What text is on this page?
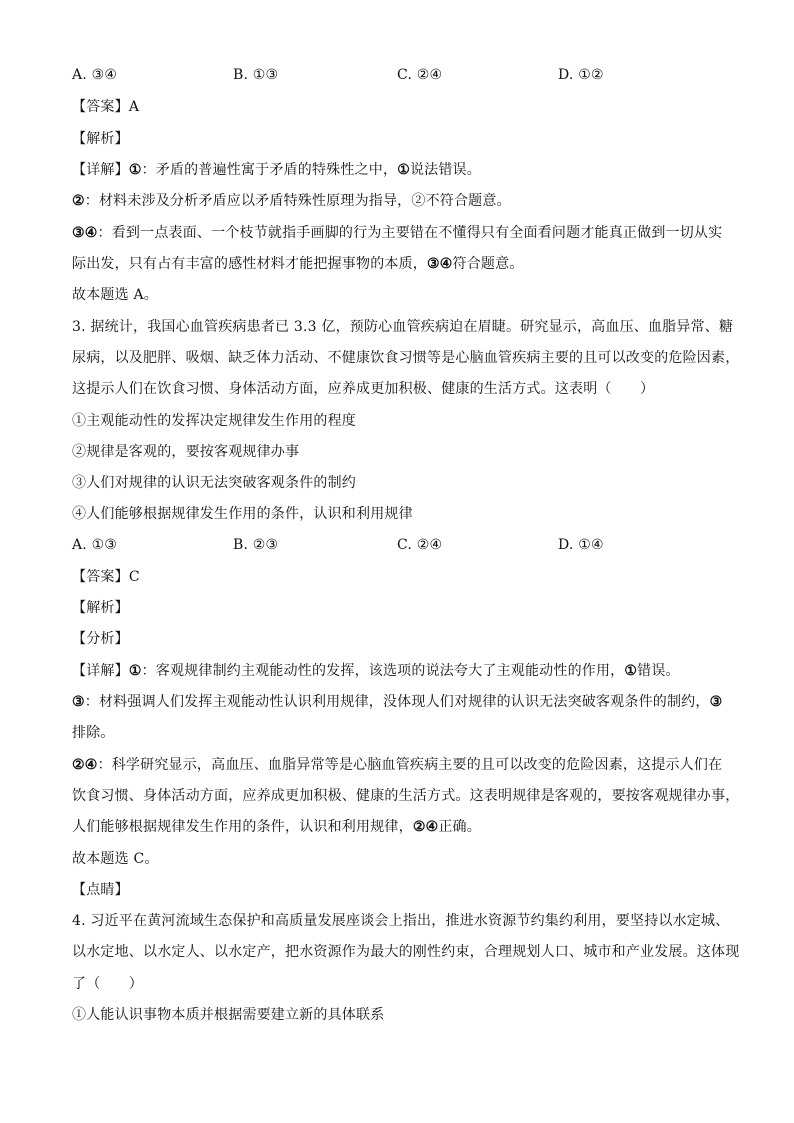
A. ③④	B. ①③	C. ②④	D. ①②
【答案】A
【解析】
【详解】①：矛盾的普遍性寓于矛盾的特殊性之中，①说法错误。
②：材料未涉及分析矛盾应以矛盾特殊性原理为指导，②不符合题意。
③④：看到一点表面、一个枝节就指手画脚的行为主要错在不懂得只有全面看问题才能真正做到一切从实
际出发，只有占有丰富的感性材料才能把握事物的本质，③④符合题意。
故本题选 A。
3. 据统计，我国心血管疾病患者已 3.3 亿，预防心血管疾病迫在眉睫。研究显示，高血压、血脂异常、糖
尿病，以及肥胖、吸烟、缺乏体力活动、不健康饮食习惯等是心脑血管疾病主要的且可以改变的危险因素，
这提示人们在饮食习惯、身体活动方面，应养成更加积极、健康的生活方式。这表明（　　）
①主观能动性的发挥决定规律发生作用的程度
②规律是客观的，要按客观规律办事
③人们对规律的认识无法突破客观条件的制约
④人们能够根据规律发生作用的条件，认识和利用规律
A. ①③	B. ②③	C. ②④	D. ①④
【答案】C
【解析】
【分析】
【详解】①：客观规律制约主观能动性的发挥，该选项的说法夸大了主观能动性的作用，①错误。
③：材料强调人们发挥主观能动性认识利用规律，没体现人们对规律的认识无法突破客观条件的制约，③
排除。
②④：科学研究显示，高血压、血脂异常等是心脑血管疾病主要的且可以改变的危险因素，这提示人们在
饮食习惯、身体活动方面，应养成更加积极、健康的生活方式。这表明规律是客观的，要按客观规律办事，
人们能够根据规律发生作用的条件，认识和利用规律，②④正确。
故本题选 C。
【点睛】
4. 习近平在黄河流域生态保护和高质量发展座谈会上指出，推进水资源节约集约利用，要坚持以水定城、
以水定地、以水定人、以水定产，把水资源作为最大的刚性约束，合理规划人口、城市和产业发展。这体现
了（　　）
①人能认识事物本质并根据需要建立新的具体联系
